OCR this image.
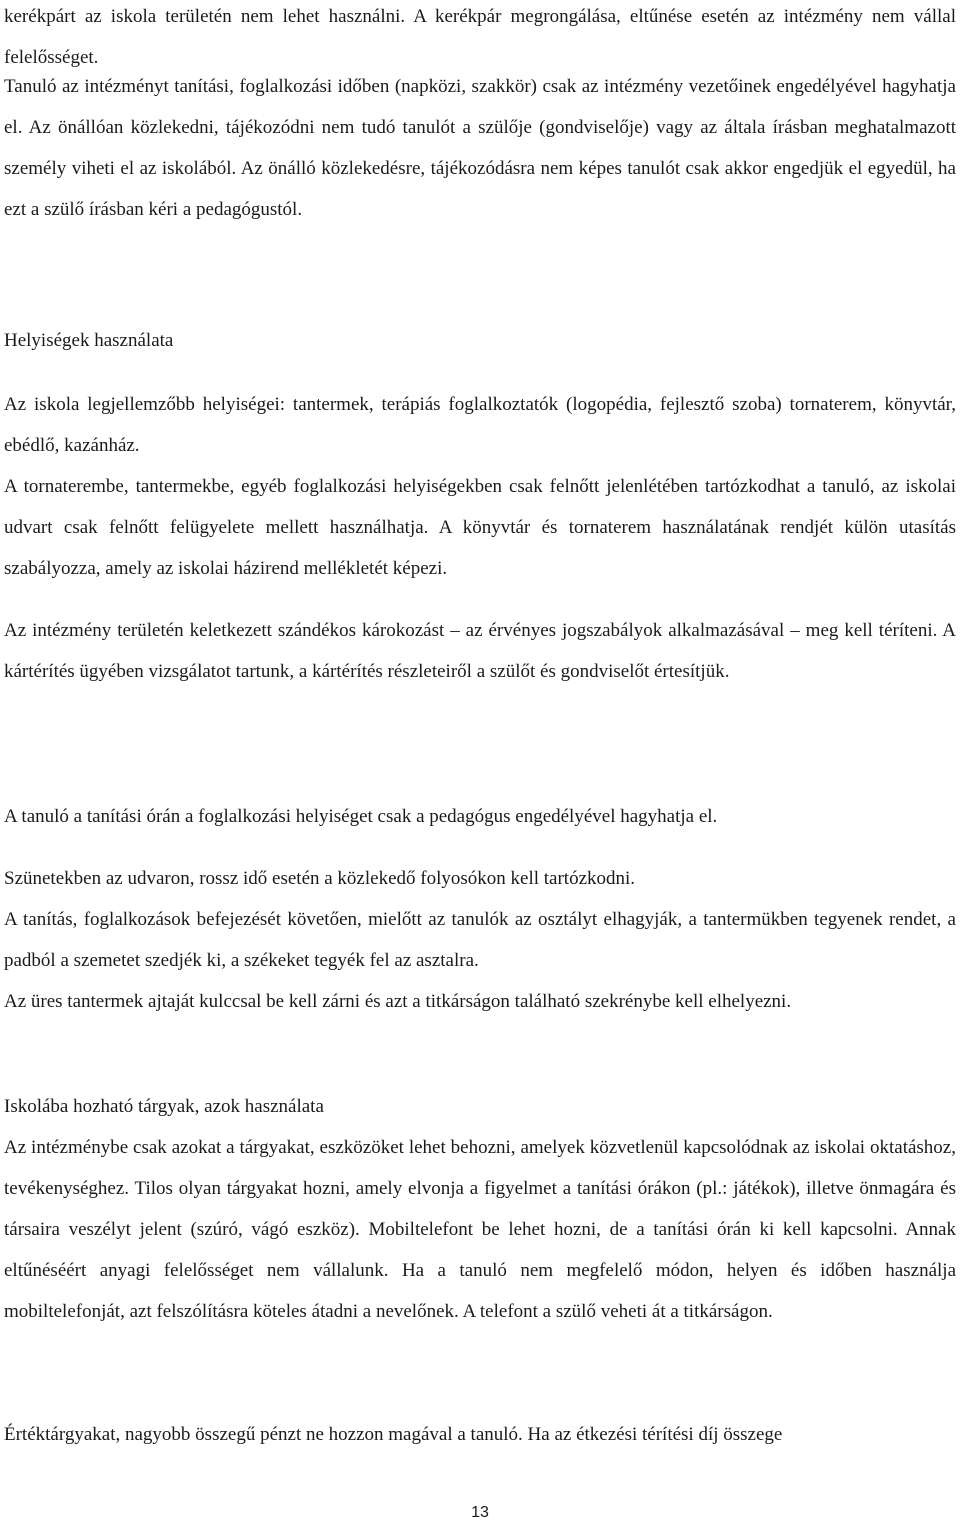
kerékpárt az iskola területén nem lehet használni. A kerékpár megrongálása, eltűnése esetén az intézmény nem vállal felelősséget.

Tanuló az intézményt tanítási, foglalkozási időben (napközi, szakkör) csak az intézmény vezetőinek engedélyével hagyhatja el. Az önállóan közlekedni, tájékozódni nem tudó tanulót a szülője (gondviselője) vagy az általa írásban meghatalmazott személy viheti el az iskolából. Az önálló közlekedésre, tájékozódásra nem képes tanulót csak akkor engedjük el egyedül, ha ezt a szülő írásban kéri a pedagógustól.

Helyiségek használata

Az iskola legjellemzőbb helyiségei: tantermek, terápiás foglalkoztatók (logopédia, fejlesztő szoba) tornaterem, könyvtár, ebédlő, kazánház.

A tornaterembe, tantermekbe, egyéb foglalkozási helyiségekben csak felnőtt jelenlétében tartózkodhat a tanuló, az iskolai udvart csak felnőtt felügyelete mellett használhatja. A könyvtár és tornaterem használatának rendjét külön utasítás szabályozza, amely az iskolai házirend mellékletét képezi.

Az intézmény területén keletkezett szándékos károkozást – az érvényes jogszabályok alkalmazásával – meg kell téríteni. A kártérítés ügyében vizsgálatot tartunk, a kártérítés részleteiről a szülőt és gondviselőt értesítjük.

A tanuló a tanítási órán a foglalkozási helyiséget csak a pedagógus engedélyével hagyhatja el.

Szünetekben az udvaron, rossz idő esetén a közlekedő folyosókon kell tartózkodni.

A tanítás, foglalkozások befejezését követően, mielőtt az tanulók az osztályt elhagyják, a tantermükben tegyenek rendet, a padból a szemetet szedjék ki, a székeket tegyék fel az asztalra.

Az üres tantermek ajtaját kulccsal be kell zárni és azt a titkárságon található szekrénybe kell elhelyezni.

Iskolába hozható tárgyak, azok használata

Az intézménybe csak azokat a tárgyakat, eszközöket lehet behozni, amelyek közvetlenül kapcsolódnak az iskolai oktatáshoz, tevékenységhez. Tilos olyan tárgyakat hozni, amely elvonja a figyelmet a tanítási órákon (pl.: játékok), illetve önmagára és társaira veszélyt jelent (szúró, vágó eszköz). Mobiltelefont be lehet hozni, de a tanítási órán ki kell kapcsolni. Annak eltűnéséért anyagi felelősséget nem vállalunk. Ha a tanuló nem megfelelő módon, helyen és időben használja mobiltelefonját, azt felszólításra köteles átadni a nevelőnek. A telefont a szülő veheti át a titkárságon.

Értéktárgyakat, nagyobb összegű pénzt ne hozzon magával a tanuló. Ha az étkezési térítési díj összege

13
